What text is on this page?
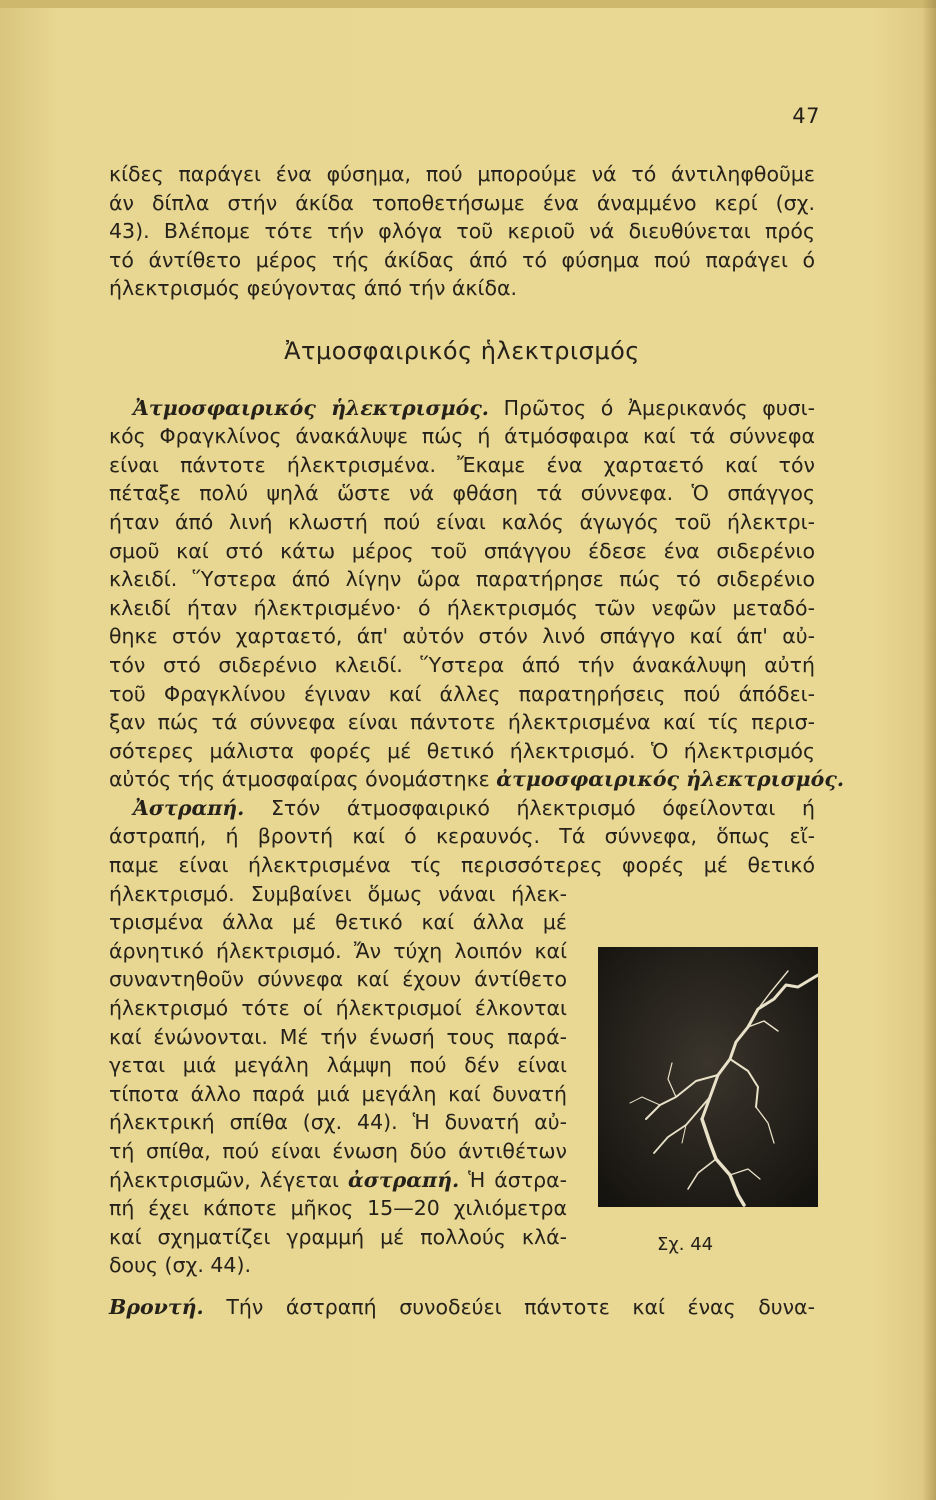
47
κίδες παράγει ένα φύσημα, πού μπορούμε νά τό άντιληφθοῦμε
άν δίπλα στήν άκίδα τοποθετήσωμε ένα άναμμένο κερί (σχ.
43). Βλέπομε τότε τήν φλόγα τοῦ κεριοῦ νά διευθύνεται πρός
τό άντίθετο μέρος τής άκίδας άπό τό φύσημα πού παράγει ό
ήλεκτρισμός φεύγοντας άπό τήν άκίδα.
Ἀτμοσφαιρικός ἡλεκτρισμός
Ἀτμοσφαιρικός ἡλεκτρισμός. Πρῶτος ό Ἀμερικανός φυσι-
κός Φραγκλίνος άνακάλυψε πώς ή άτμόσφαιρα καί τά σύννεφα
είναι πάντοτε ήλεκτρισμένα. Ἔκαμε ένα χαρταετό καί τόν
πέταξε πολύ ψηλά ὥστε νά φθάση τά σύννεφα. Ὁ σπάγγος
ήταν άπό λινή κλωστή πού είναι καλός άγωγός τοῦ ήλεκτρι-
σμοῦ καί στό κάτω μέρος τοῦ σπάγγου έδεσε ένα σιδερένιο
κλειδί. Ὕστερα άπό λίγην ὥρα παρατήρησε πώς τό σιδερένιο
κλειδί ήταν ήλεκτρισμένο· ό ήλεκτρισμός τῶν νεφῶν μεταδό-
θηκε στόν χαρταετό, άπ' αὐτόν στόν λινό σπάγγο καί άπ' αὐ-
τόν στό σιδερένιο κλειδί. Ὕστερα άπό τήν άνακάλυψη αὐτή
τοῦ Φραγκλίνου έγιναν καί άλλες παρατηρήσεις πού άπόδει-
ξαν πώς τά σύννεφα είναι πάντοτε ήλεκτρισμένα καί τίς περισ-
σότερες μάλιστα φορές μέ θετικό ήλεκτρισμό. Ὁ ήλεκτρισμός
αὐτός τής άτμοσφαίρας όνομάστηκε ἀτμοσφαιρικός ἡλεκτρισμός.
Ἀστραπή. Στόν άτμοσφαιρικό ήλεκτρισμό όφείλονται ή
άστραπή, ή βροντή καί ό κεραυνός. Τά σύννεφα, ὅπως εἴ-
παμε είναι ήλεκτρισμένα τίς περισσότερες φορές μέ θετικό
ήλεκτρισμό. Συμβαίνει ὅμως νάναι ήλεκ-
τρισμένα άλλα μέ θετικό καί άλλα μέ
άρνητικό ήλεκτρισμό. Ἄν τύχη λοιπόν καί
συναντηθοῦν σύννεφα καί έχουν άντίθετο
ήλεκτρισμό τότε οί ήλεκτρισμοί έλκονται
καί ένώνονται. Μέ τήν ένωσή τους παρά-
γεται μιά μεγάλη λάμψη πού δέν είναι
τίποτα άλλο παρά μιά μεγάλη καί δυνατή
ήλεκτρική σπίθα (σχ. 44). Ἡ δυνατή αὐ-
τή σπίθα, πού είναι ένωση δύο άντιθέτων
ήλεκτρισμῶν, λέγεται ἀστραπή. Ἡ άστρα-
πή έχει κάποτε μῆκος 15—20 χιλιόμετρα
καί σχηματίζει γραμμή μέ πολλούς κλά-
δους (σχ. 44).
Σχ. 44
Βροντή. Τήν άστραπή συνοδεύει πάντοτε καί ένας δυνα-
